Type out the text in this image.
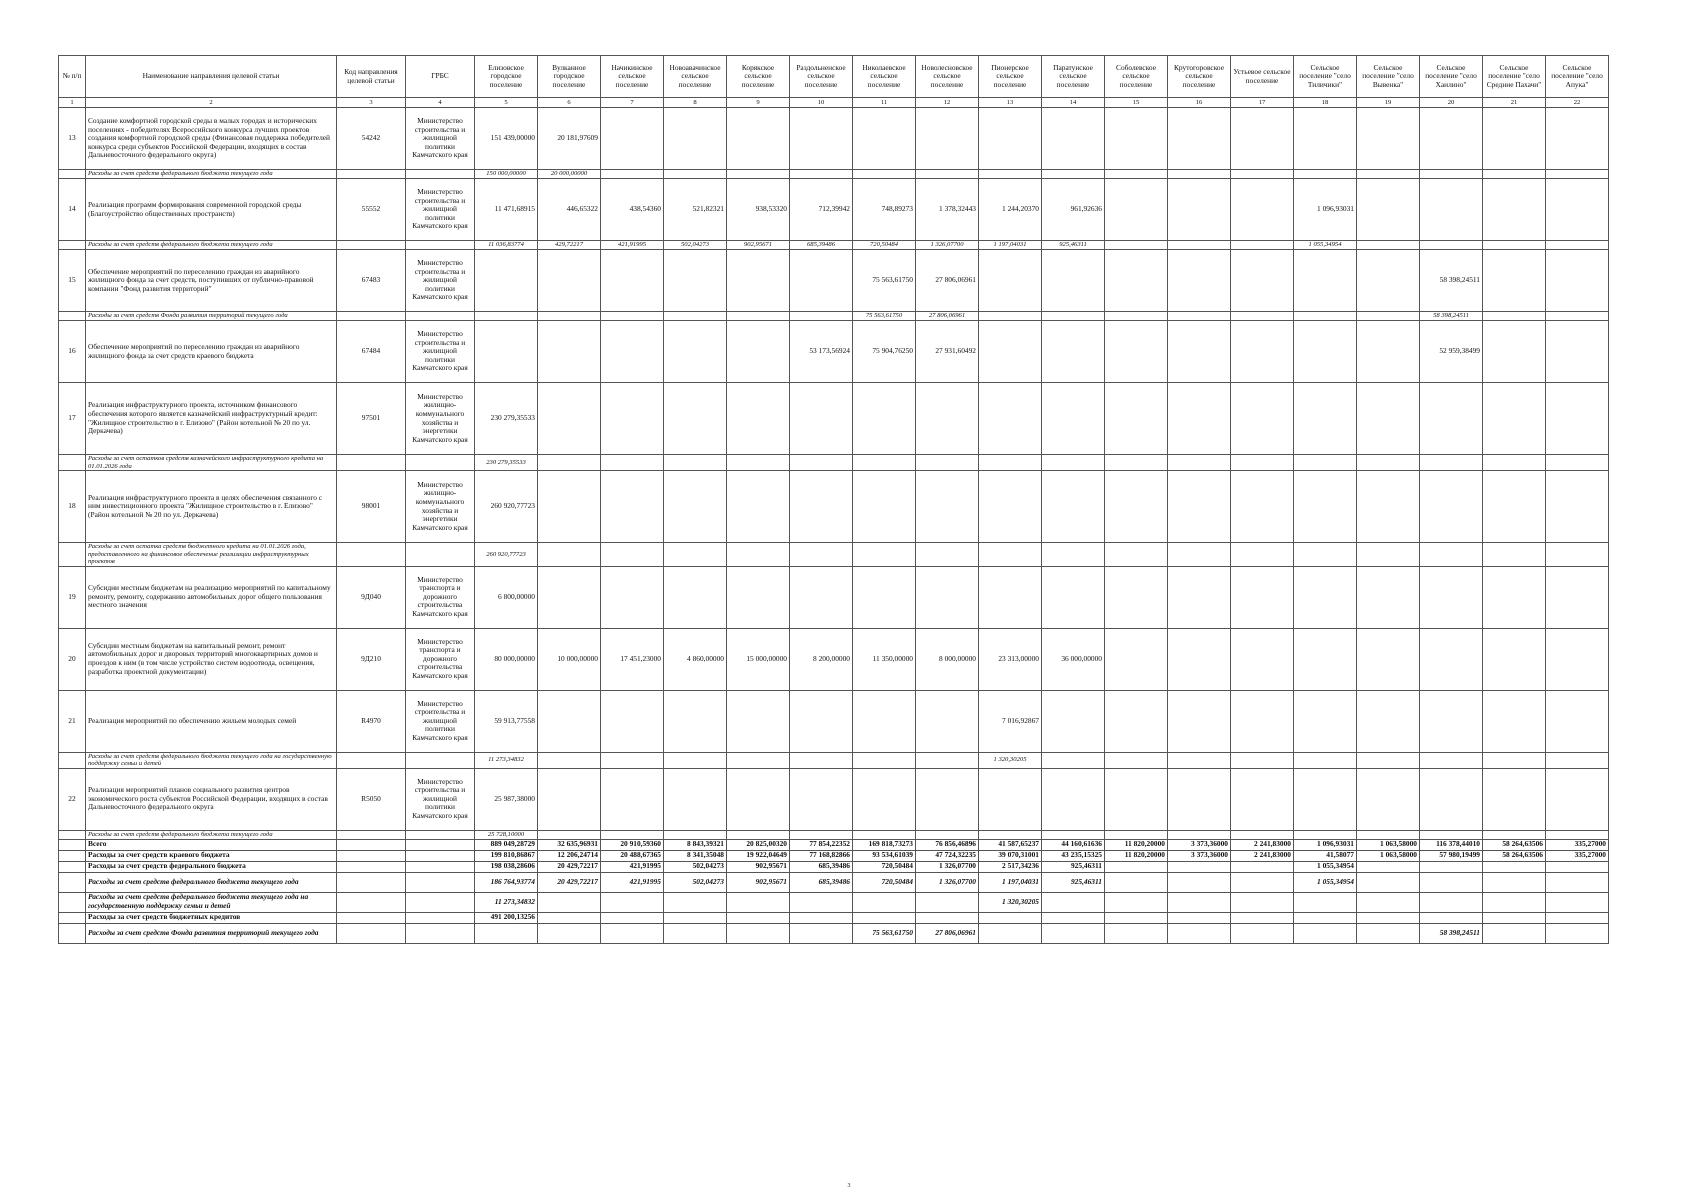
№ п/п	Наименование направления целевой статьи	Код направления целевой статьи	ГРБС	Елизовское городское поселение	Вулканное городское поселение	Начикинское сельское поселение	Новоавачинское сельское поселение	Корякское сельское поселение	Раздольненское сельское поселение	Николаевское сельское поселение	Новолесновское сельское поселение	Пионерское сельское поселение	Паратунское сельское поселение	Соболевское сельское поселение	Крутогоровское сельское поселение	Устьевое сельское поселение	Сельское поселение "село Тиличики"	Сельское поселение "село Вывенка"	Сельское поселение "село Хаилино"	Сельское поселение "село Средние Пахачи"	Сельское поселение "село Апука"
1	2	3	4	5	6	7	8	9	10	11	12	13	14	15	16	17	18	19	20	21	22
13	Создание комфортной городской среды в малых городах и исторических поселениях - победителях Всероссийского конкурса лучших проектов создания комфортной городской среды (Финансовая поддержка победителей конкурса среди субъектов Российской Федерации, входящих в состав Дальневосточного федерального округа)	54242	Министерство строительства и жилищной политики Камчатского края	151 439,00000	20 181,97609																
	Расходы за счет средств федерального бюджета текущего года			150 000,00000	20 000,00000																
14	Реализация программ формирования современной городской среды (Благоустройство общественных пространств)	55552	Министерство строительства и жилищной политики Камчатского края	11 471,68915	446,65322	438,54360	521,82321	938,53320	712,39942	748,89273	1 378,32443	1 244,20370	961,92636				1 096,93031				
	Расходы за счет средств федерального бюджета текущего года			11 036,83774	429,72217	421,91995	502,04273	902,95671	685,39486	720,50484	1 326,07700	1 197,04031	925,46311				1 055,34954				
15	Обеспечение мероприятий по переселению граждан из аварийного жилищного фонда за счет средств, поступивших от публично-правовой компании "Фонд развития территорий"	67483	Министерство строительства и жилищной политики Камчатского края							75 563,61750	27 806,06961								58 398,24511		
	Расходы за счет средств Фонда развития территорий текущего года									75 563,61750	27 806,06961								58 398,24511		
16	Обеспечение мероприятий по переселению граждан из аварийного жилищного фонда за счет средств краевого бюджета	67484	Министерство строительства и жилищной политики Камчатского края						53 173,56924	75 904,76250	27 931,60492								52 959,38499		
17	Реализация инфраструктурного проекта, источником финансового обеспечения которого является казначейский инфраструктурный кредит: "Жилищное строительство в г. Елизово" (Район котельной № 20 по ул. Деркачева)	97501	Министерство жилищно-коммунального хозяйства и энергетики Камчатского края	230 279,35533																	
	Расходы за счет остатков средств казначейского инфраструктурного кредита на 01.01.2026 года			230 279,35533																	
18	Реализация инфраструктурного проекта в целях обеспечения связанного с ним инвестиционного проекта "Жилищное строительство в г. Елизово" (Район котельной № 20 по ул. Деркачева)	98001	Министерство жилищно-коммунального хозяйства и энергетики Камчатского края	260 920,77723																	
	Расходы за счет остатка средств бюджетного кредита на 01.01.2026 года, предоставленного на финансовое обеспечение реализации инфраструктурных проектов			260 920,77723																	
19	Субсидии местным бюджетам на реализацию мероприятий по капитальному ремонту, ремонту, содержанию автомобильных дорог общего пользования местного значения	9Д040	Министерство транспорта и дорожного строительства Камчатского края	6 800,00000																	
20	Субсидии местным бюджетам на капитальный ремонт, ремонт автомобильных дорог и дворовых территорий многоквартирных домов и проездов к ним (в том числе устройство систем водоотвода, освещения, разработка проектной документации)	9Д210	Министерство транспорта и дорожного строительства Камчатского края	80 000,00000	10 000,00000	17 451,23000	4 860,00000	15 000,00000	8 200,00000	11 350,00000	8 000,00000	23 313,00000	36 000,00000								
21	Реализация мероприятий по обеспечению жильем молодых семей	R4970	Министерство строительства и жилищной политики Камчатского края	59 913,77558								7 016,92867									
	Расходы за счет средств федерального бюджета текущего года на государственную поддержку семьи и детей			11 273,34832								1 320,30205									
22	Реализация мероприятий планов социального развития центров экономического роста субъектов Российской Федерации, входящих в состав Дальневосточного федерального округа	R5050	Министерство строительства и жилищной политики Камчатского края	25 987,38000																	
	Расходы за счет средств федерального бюджета текущего года			25 728,10000																	
	Всего			889 049,28729	32 635,96931	20 910,59360	8 843,39321	20 825,00320	77 854,22352	169 818,73273	76 856,46896	41 587,65237	44 160,61636	11 820,20000	3 373,36000	2 241,83000	1 096,93031	1 063,58000	116 378,44010	58 264,63506	335,27000
	Расходы за счет средств краевого бюджета			199 810,86867	12 206,24714	20 488,67365	8 341,35048	19 922,04649	77 168,82866	93 534,61039	47 724,32235	39 070,31001	43 235,15325	11 820,20000	3 373,36000	2 241,83000	41,58077	1 063,58000	57 980,19499	58 264,63506	335,27000
	Расходы за счет средств федерального бюджета			198 038,28606	20 429,72217	421,91995	502,04273	902,95671	685,39486	720,50484	1 326,07700	2 517,34236	925,46311				1 055,34954				
	Расходы за счет средств федерального бюджета текущего года			186 764,93774	20 429,72217	421,91995	502,04273	902,95671	685,39486	720,50484	1 326,07700	1 197,04031	925,46311				1 055,34954				
	Расходы за счет средств федерального бюджета текущего года на государственную поддержку семьи и детей			11 273,34832								1 320,30205									
	Расходы за счет средств бюджетных кредитов			491 200,13256																	
	Расходы за счет средств Фонда развития территорий текущего года									75 563,61750	27 806,06961								58 398,24511		
3
